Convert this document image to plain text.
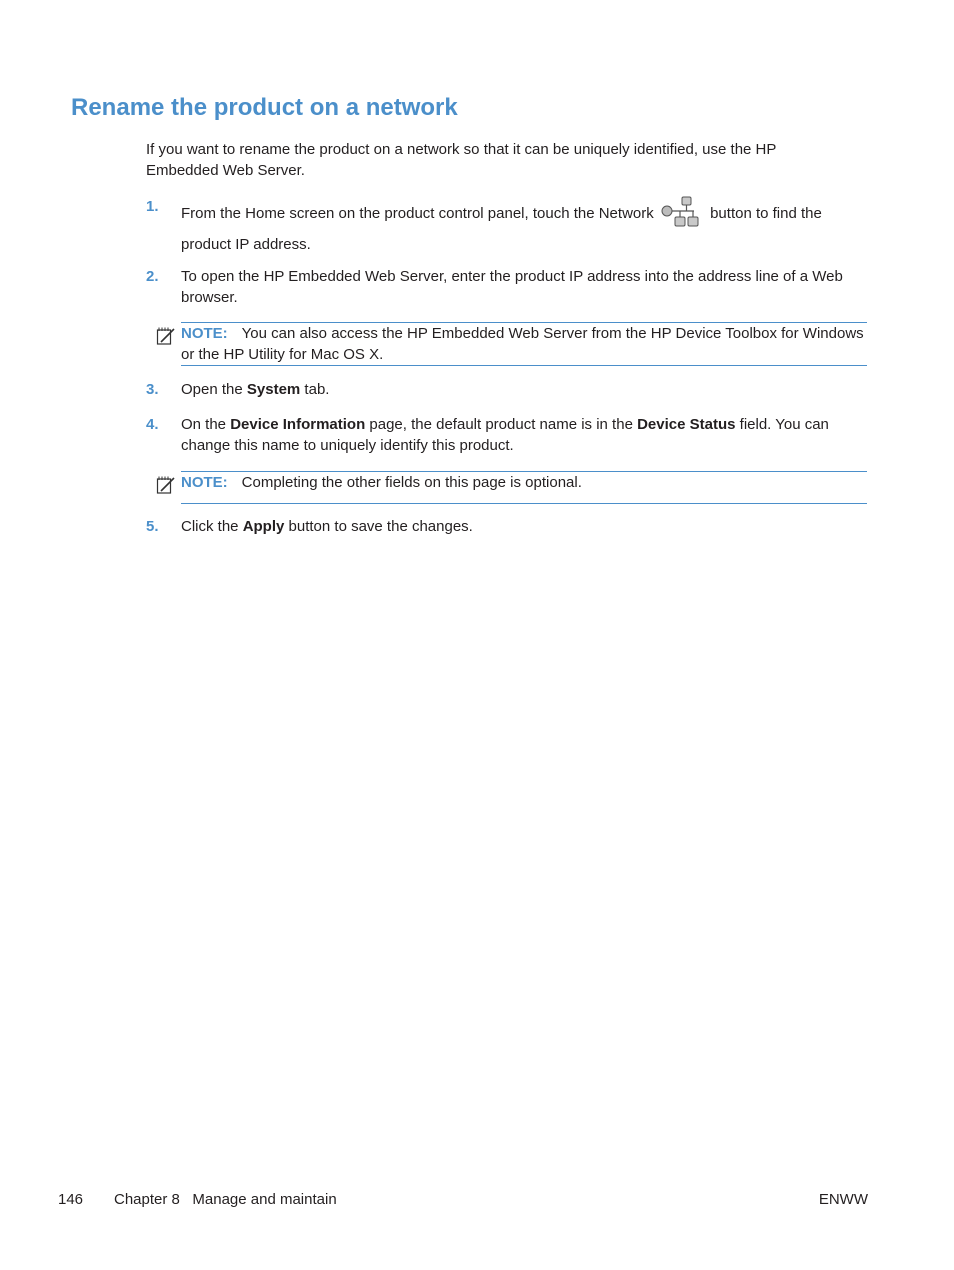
Rename the product on a network
If you want to rename the product on a network so that it can be uniquely identified, use the HP Embedded Web Server.
1. From the Home screen on the product control panel, touch the Network	button to find the product IP address.
2. To open the HP Embedded Web Server, enter the product IP address into the address line of a Web browser.
NOTE: You can also access the HP Embedded Web Server from the HP Device Toolbox for Windows or the HP Utility for Mac OS X.
3. Open the System tab.
4. On the Device Information page, the default product name is in the Device Status field. You can change this name to uniquely identify this product.
NOTE: Completing the other fields on this page is optional.
5. Click the Apply button to save the changes.
146 Chapter 8 Manage and maintain	ENWW
